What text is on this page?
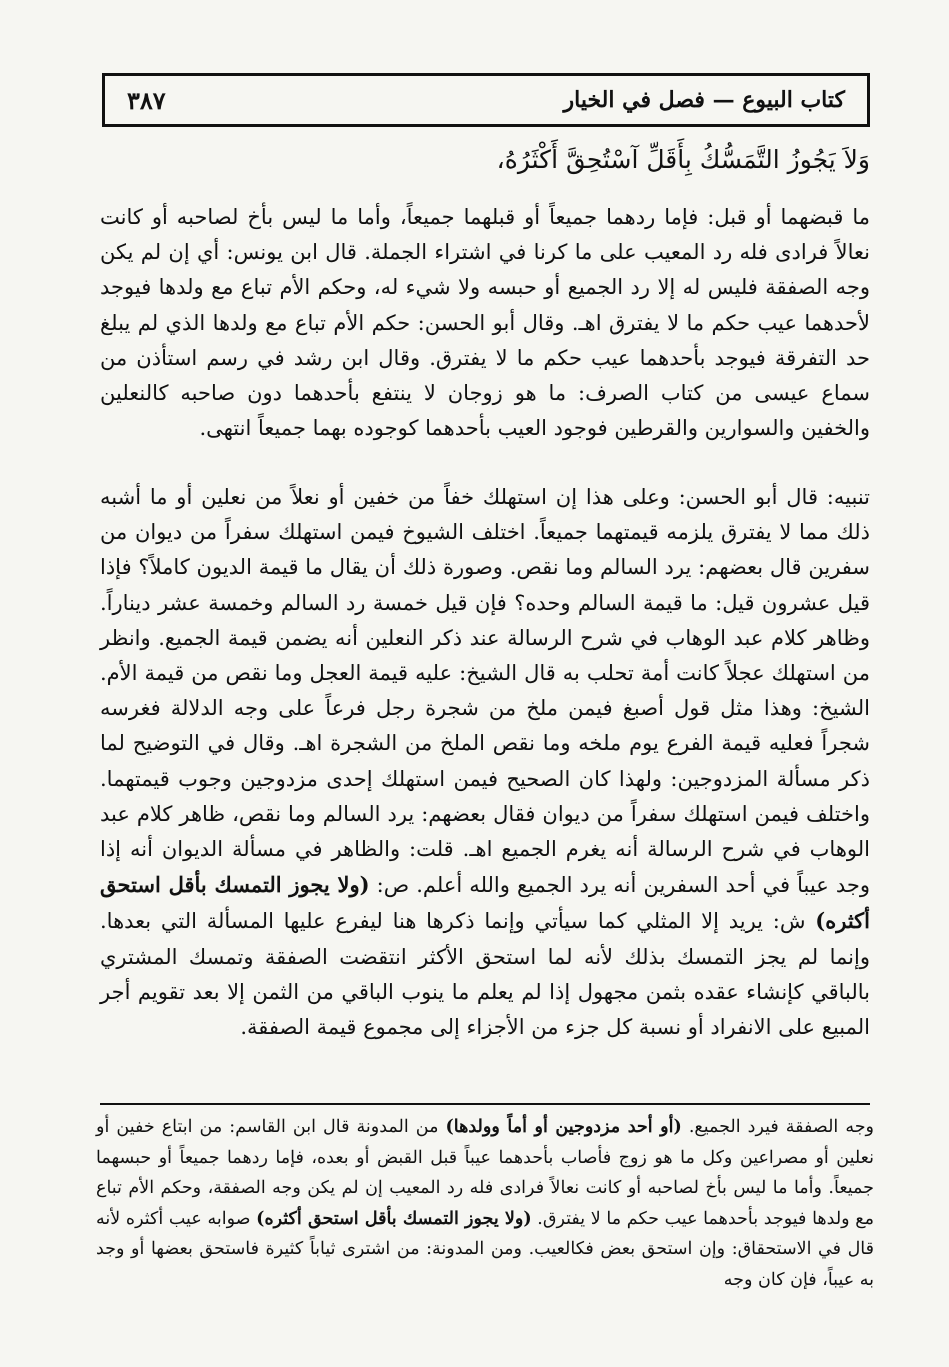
كتاب البيوع — فصل في الخيار
٣٨٧
وَلاَ يَجُوزُ التَّمَسُّكُ بِأَقَلِّ آسْتُحِقَّ أَكْثَرُهُ،
ما قبضهما أو قبل: فإما ردهما جميعاً أو قبلهما جميعاً، وأما ما ليس بأخ لصاحبه أو كانت نعالاً فرادى فله رد المعيب على ما كرنا في اشتراء الجملة. قال ابن يونس: أي إن لم يكن وجه الصفقة فليس له إلا رد الجميع أو حبسه ولا شيء له، وحكم الأم تباع مع ولدها فيوجد لأحدهما عيب حكم ما لا يفترق اهـ. وقال أبو الحسن: حكم الأم تباع مع ولدها الذي لم يبلغ حد التفرقة فيوجد بأحدهما عيب حكم ما لا يفترق. وقال ابن رشد في رسم استأذن من سماع عيسى من كتاب الصرف: ما هو زوجان لا ينتفع بأحدهما دون صاحبه كالنعلين والخفين والسوارين والقرطين فوجود العيب بأحدهما كوجوده بهما جميعاً انتهى.
تنبيه: قال أبو الحسن: وعلى هذا إن استهلك خفاً من خفين أو نعلاً من نعلين أو ما أشبه ذلك مما لا يفترق يلزمه قيمتهما جميعاً. اختلف الشيوخ فيمن استهلك سفراً من ديوان من سفرين قال بعضهم: يرد السالم وما نقص. وصورة ذلك أن يقال ما قيمة الديون كاملاً؟ فإذا قيل عشرون قيل: ما قيمة السالم وحده؟ فإن قيل خمسة رد السالم وخمسة عشر ديناراً. وظاهر كلام عبد الوهاب في شرح الرسالة عند ذكر النعلين أنه يضمن قيمة الجميع. وانظر من استهلك عجلاً كانت أمة تحلب به قال الشيخ: عليه قيمة العجل وما نقص من قيمة الأم. الشيخ: وهذا مثل قول أصبغ فيمن ملخ من شجرة رجل فرعاً على وجه الدلالة فغرسه شجراً فعليه قيمة الفرع يوم ملخه وما نقص الملخ من الشجرة اهـ. وقال في التوضيح لما ذكر مسألة المزدوجين: ولهذا كان الصحيح فيمن استهلك إحدى مزدوجين وجوب قيمتهما. واختلف فيمن استهلك سفراً من ديوان فقال بعضهم: يرد السالم وما نقص، ظاهر كلام عبد الوهاب في شرح الرسالة أنه يغرم الجميع اهـ. قلت: والظاهر في مسألة الديوان أنه إذا وجد عيباً في أحد السفرين أنه يرد الجميع والله أعلم. ص: (ولا يجوز التمسك بأقل استحق أكثره) ش: يريد إلا المثلي كما سيأتي وإنما ذكرها هنا ليفرع عليها المسألة التي بعدها. وإنما لم يجز التمسك بذلك لأنه لما استحق الأكثر انتقضت الصفقة وتمسك المشتري بالباقي كإنشاء عقده بثمن مجهول إذا لم يعلم ما ينوب الباقي من الثمن إلا بعد تقويم أجر المبيع على الانفراد أو نسبة كل جزء من الأجزاء إلى مجموع قيمة الصفقة.
وجه الصفقة فيرد الجميع. (أو أحد مزدوجين أو أماً وولدها) من المدونة قال ابن القاسم: من ابتاع خفين أو نعلين أو مصراعين وكل ما هو زوج فأصاب بأحدهما عيباً قبل القبض أو بعده، فإما ردهما جميعاً أو حبسهما جميعاً. وأما ما ليس بأخ لصاحبه أو كانت نعالاً فرادى فله رد المعيب إن لم يكن وجه الصفقة، وحكم الأم تباع مع ولدها فيوجد بأحدهما عيب حكم ما لا يفترق. (ولا يجوز التمسك بأقل استحق أكثره) صوابه عيب أكثره لأنه قال في الاستحقاق: وإن استحق بعض فكالعيب. ومن المدونة: من اشترى ثياباً كثيرة فاستحق بعضها أو وجد به عيباً، فإن كان وجه
